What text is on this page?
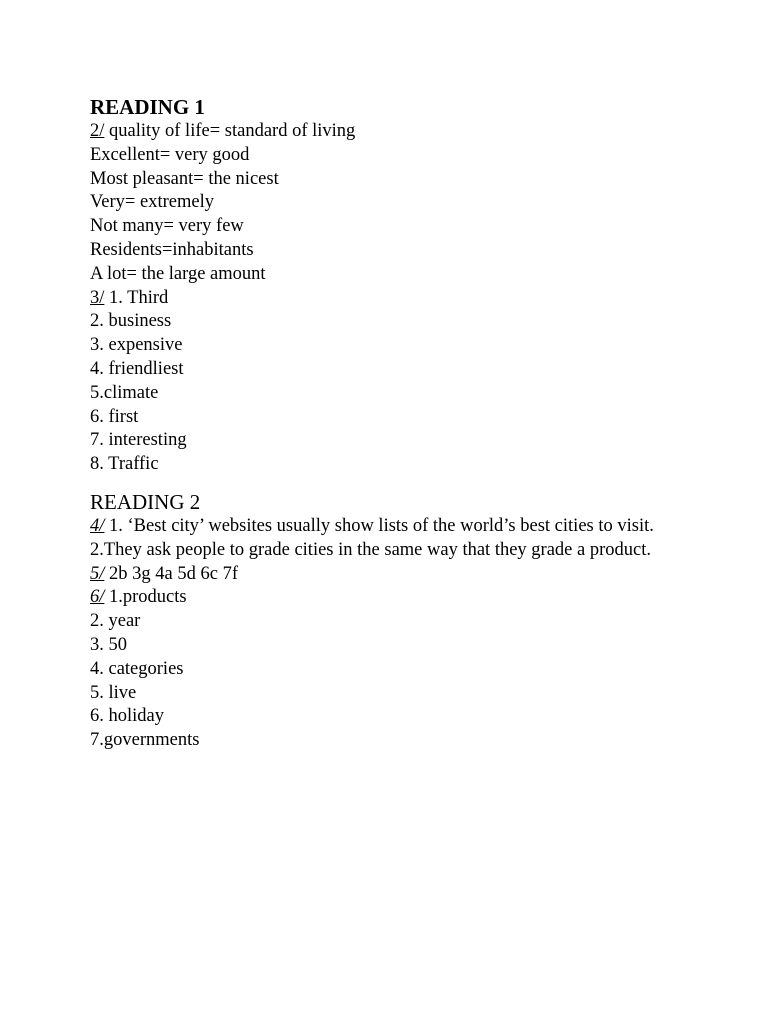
READING 1

2/ quality of life= standard of living

Excellent= very good

Most pleasant= the nicest

Very= extremely

Not many= very few

Residents=inhabitants

A lot= the large amount

3/ 1. Third

2. business

3. expensive

4. friendliest

5.climate

6. first

7. interesting

8. Traffic

READING 2

4/ 1. ‘Best city’ websites usually show lists of the world’s best cities to visit.

2.They ask people to grade cities in the same way that they grade a product.

5/ 2b 3g 4a 5d 6c 7f

6/ 1.products

2. year

3. 50

4. categories

5. live

6. holiday

7.governments
